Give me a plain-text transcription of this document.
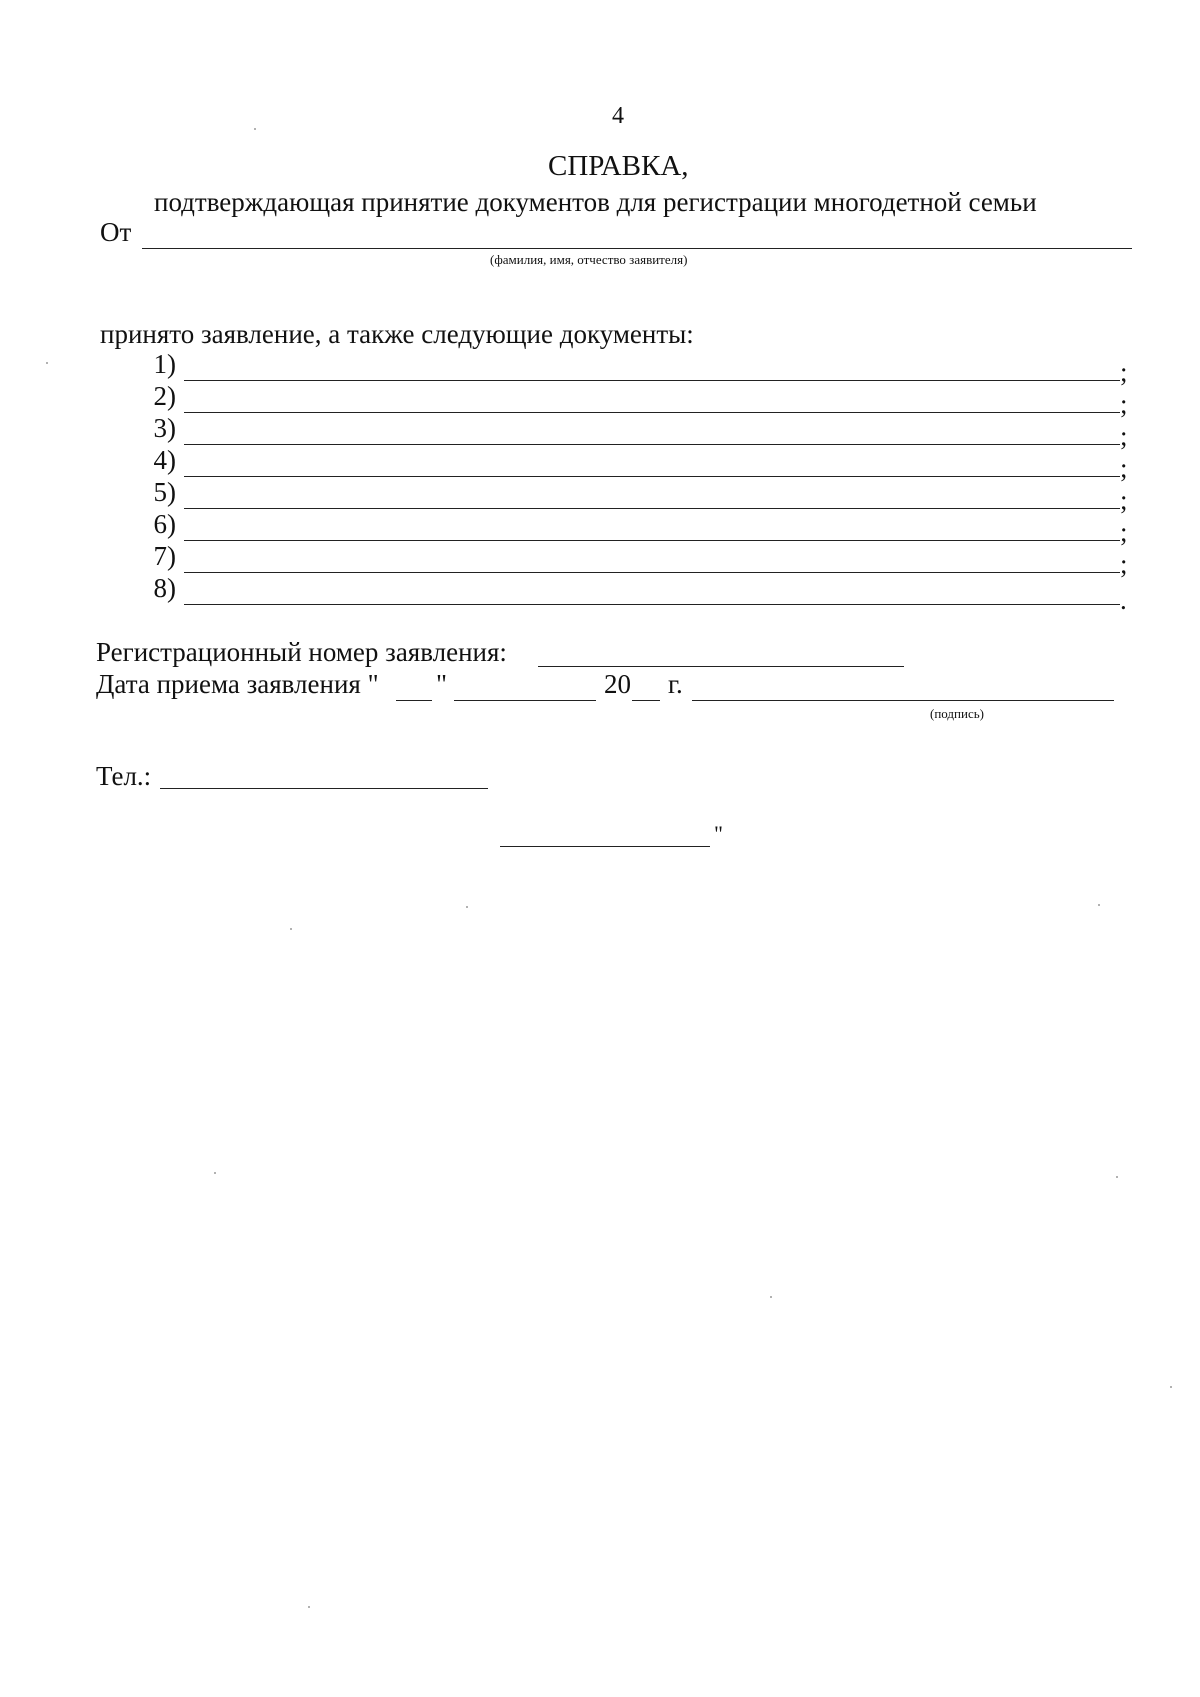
4
СПРАВКА,
подтверждающая принятие документов для регистрации многодетной семьи
От
(фамилия, имя, отчество заявителя)
принято заявление, а также следующие документы:
1)	;
2)	;
3)	;
4)	;
5)	;
6)	;
7)	;
8)	.
Регистрационный номер заявления:
Дата приема заявления " "	20 г.
(подпись)
Тел.:
"
